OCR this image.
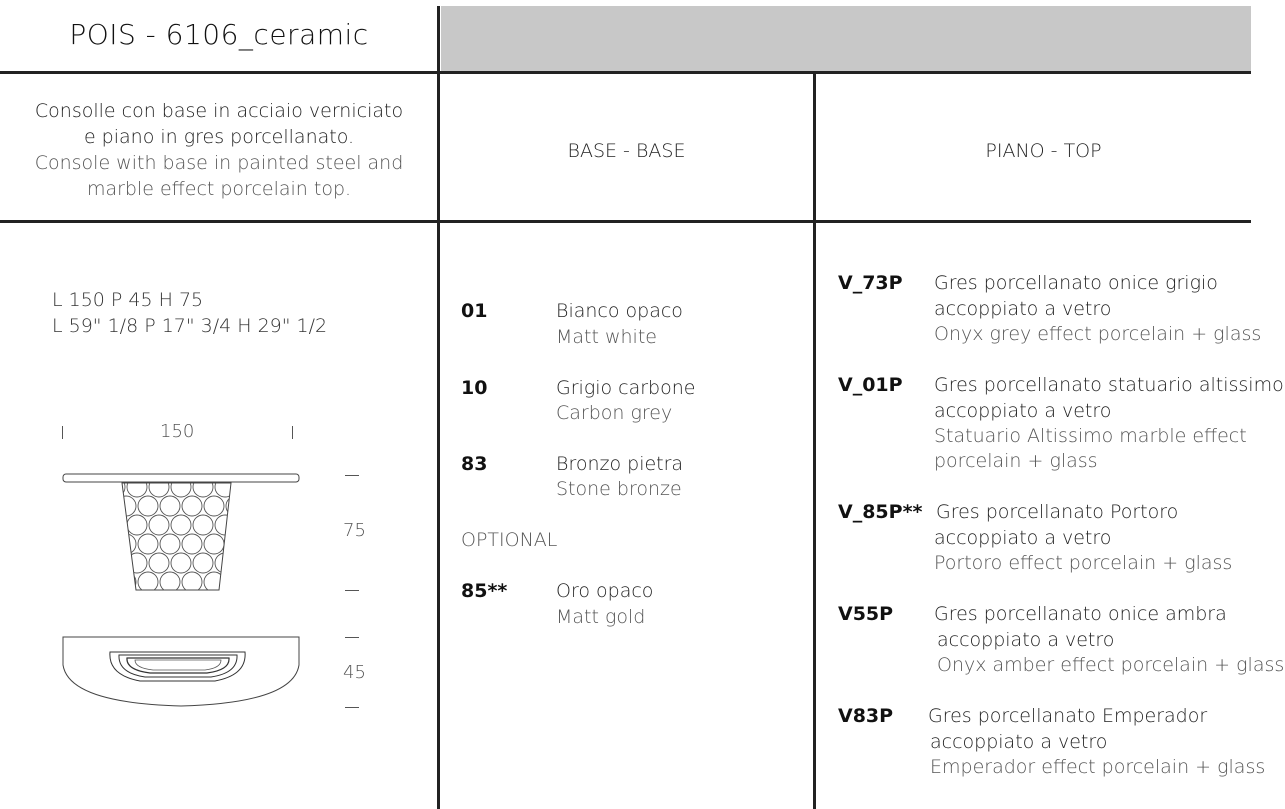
POIS - 6106_ceramic
Consolle con base in acciaio verniciato
e piano in gres porcellanato.
Console with base in painted steel and
marble effect porcelain top.
BASE - BASE	PIANO - TOP
L 150 P 45 H 75
L 59" 1/8 P 17" 3/4 H 29" 1/2
150
75
45
01	Bianco opaco
Matt white
10	Grigio carbone
Carbon grey
83	Bronzo pietra
Stone bronze
OPTIONAL
85**	Oro opaco
Matt gold
V_73P Gres porcellanato onice grigio
accoppiato a vetro
Onyx grey effect porcelain + glass
V_01P Gres porcellanato statuario altissimo
accoppiato a vetro
Statuario Altissimo marble effect
porcelain + glass
V_85P** Gres porcellanato Portoro
accoppiato a vetro
Portoro effect porcelain + glass
V55P Gres porcellanato onice ambra
accoppiato a vetro
Onyx amber effect porcelain + glass
V83P Gres porcellanato Emperador
accoppiato a vetro
Emperador effect porcelain + glass
